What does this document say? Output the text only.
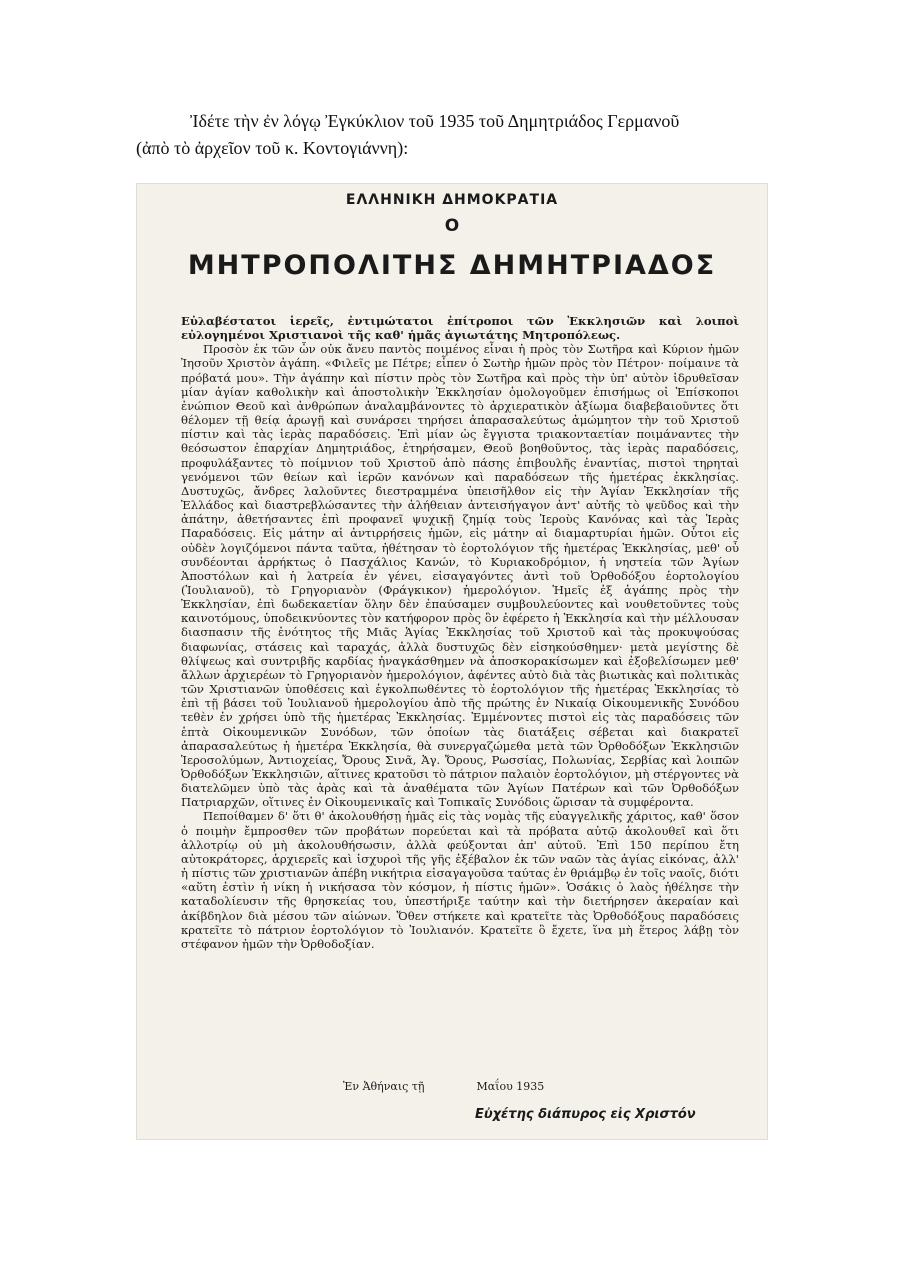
Ἰδέτε τὴν ἐν λόγῳ Ἐγκύκλιον τοῦ 1935 τοῦ Δημητριάδος Γερμανοῦ
(ἀπὸ τὸ ἀρχεῖον τοῦ κ. Κοντογιάννη):
ΕΛΛΗΝΙΚΗ ΔΗΜΟΚΡΑΤΙΑ
Ο
ΜΗΤΡΟΠΟΛΙΤΗΣ ΔΗΜΗΤΡΙΑΔΟΣ

Εὐλαβέστατοι ἱερεῖς, ἐντιμώτατοι ἐπίτροποι τῶν Ἐκκλησιῶν καὶ λοιποὶ εὐλογημένοι Χριστιανοὶ τῆς καθ' ἡμᾶς ἁγιωτάτης Μητροπόλεως.

Προσὸν ἐκ τῶν ὧν οὐκ ἄνευ παντὸς ποιμένος εἶναι ἡ πρὸς τὸν Σωτῆρα καὶ Κύριον ἡμῶν Ἰησοῦν Χριστὸν ἀγάπη. «Φιλεῖς με Πέτρε; εἶπεν ὁ Σωτὴρ ἡμῶν πρὸς τὸν Πέτρον· ποίμαινε τὰ πρόβατά μου». Τὴν ἀγάπην καὶ πίστιν πρὸς τὸν Σωτῆρα καὶ πρὸς τὴν ὑπ' αὐτὸν ἱδρυθεῖσαν μίαν ἁγίαν καθολικὴν καὶ ἀποστολικὴν Ἐκκλησίαν ὁμολογοῦμεν ἐπισήμως οἱ Ἐπίσκοποι ἐνώπιον Θεοῦ καὶ ἀνθρώπων ἀναλαμβάνοντες τὸ ἀρχιερατικὸν ἀξίωμα διαβεβαιοῦντες ὅτι θέλομεν τῇ θείᾳ ἀρωγῇ καὶ συνάρσει τηρήσει ἀπαρασαλεύτως ἀμώμητον τὴν τοῦ Χριστοῦ πίστιν καὶ τὰς ἱερὰς παραδόσεις. Ἐπὶ μίαν ὡς ἔγγιστα τριακονταετίαν ποιμάναντες τὴν θεόσωστον ἐπαρχίαν Δημητριάδος, ἐτηρήσαμεν, Θεοῦ βοηθοῦντος, τὰς ἱερὰς παραδόσεις, προφυλάξαντες τὸ ποίμνιον τοῦ Χριστοῦ ἀπὸ πάσης ἐπιβουλῆς ἐναντίας, πιστοὶ τηρηταὶ γενόμενοι τῶν θείων καὶ ἱερῶν κανόνων καὶ παραδόσεων τῆς ἡμετέρας ἐκκλησίας. Δυστυχῶς, ἄνδρες λαλοῦντες διεστραμμένα ὑπεισῆλθον εἰς τὴν Ἁγίαν Ἐκκλησίαν τῆς Ἑλλάδος καὶ διαστρεβλώσαντες τὴν ἀλήθειαν ἀντεισήγαγον ἀντ' αὐτῆς τὸ ψεῦδος καὶ τὴν ἀπάτην, ἀθετήσαντες ἐπὶ προφανεῖ ψυχικῇ ζημίᾳ τοὺς Ἱεροὺς Κανόνας καὶ τὰς Ἱερὰς Παραδόσεις. Εἰς μάτην αἱ ἀντιρρήσεις ἡμῶν, εἰς μάτην αἱ διαμαρτυρίαι ἡμῶν. Οὗτοι εἰς οὐδὲν λογιζόμενοι πάντα ταῦτα, ἠθέτησαν τὸ ἑορτολόγιον τῆς ἡμετέρας Ἐκκλησίας, μεθ' οὗ συνδέονται ἀρρήκτως ὁ Πασχάλιος Κανών, τὸ Κυριακοδρόμιον, ἡ νηστεία τῶν Ἁγίων Ἀποστόλων καὶ ἡ λατρεία ἐν γένει, εἰσαγαγόντες ἀντὶ τοῦ Ὀρθοδόξου ἑορτολογίου (Ἰουλιανοῦ), τὸ Γρηγοριανὸν (Φράγκικον) ἡμερολόγιον. Ἡμεῖς ἐξ ἀγάπης πρὸς τὴν Ἐκκλησίαν, ἐπὶ δωδεκαετίαν ὅλην δὲν ἐπαύσαμεν συμβουλεύοντες καὶ νουθετοῦντες τοὺς καινοτόμους, ὑποδεικνύοντες τὸν κατήφορον πρὸς ὃν ἐφέρετο ἡ Ἐκκλησία καὶ τὴν μέλλουσαν διασπασιν τῆς ἑνότητος τῆς Μιᾶς Ἁγίας Ἐκκλησίας τοῦ Χριστοῦ καὶ τὰς προκυψούσας διαφωνίας, στάσεις καὶ ταραχάς, ἀλλὰ δυστυχῶς δὲν εἰσηκούσθημεν· μετὰ μεγίστης δὲ θλίψεως καὶ συντριβῆς καρδίας ἠναγκάσθημεν νὰ ἀποσκορακίσωμεν καὶ ἐξοβελίσωμεν μεθ' ἄλλων ἀρχιερέων τὸ Γρηγοριανὸν ἡμερολόγιον, ἀφέντες αὐτὸ διὰ τὰς βιωτικὰς καὶ πολιτικὰς τῶν Χριστιανῶν ὑποθέσεις καὶ ἐγκολπωθέντες τὸ ἑορτολόγιον τῆς ἡμετέρας Ἐκκλησίας τὸ ἐπὶ τῇ βάσει τοῦ Ἰουλιανοῦ ἡμερολογίου ἀπὸ τῆς πρώτης ἐν Νικαίᾳ Οἰκουμενικῆς Συνόδου τεθὲν ἐν χρήσει ὑπὸ τῆς ἡμετέρας Ἐκκλησίας. Ἐμμένοντες πιστοὶ εἰς τὰς παραδόσεις τῶν ἑπτὰ Οἰκουμενικῶν Συνόδων, τῶν ὁποίων τὰς διατάξεις σέβεται καὶ διακρατεῖ ἀπαρασαλεύτως ἡ ἡμετέρα Ἐκκλησία, θὰ συνεργαζώμεθα μετὰ τῶν Ὀρθοδόξων Ἐκκλησιῶν Ἱεροσολύμων, Ἀντιοχείας, Ὄρους Σινᾶ, Ἁγ. Ὄρους, Ρωσσίας, Πολωνίας, Σερβίας καὶ λοιπῶν Ὀρθοδόξων Ἐκκλησιῶν, αἵτινες κρατοῦσι τὸ πάτριον παλαιὸν ἑορτολόγιον, μὴ στέργοντες νὰ διατελῶμεν ὑπὸ τὰς ἀρὰς καὶ τὰ ἀναθέματα τῶν Ἁγίων Πατέρων καὶ τῶν Ὀρθοδόξων Πατριαρχῶν, οἵτινες ἐν Οἰκουμενικαῖς καὶ Τοπικαῖς Συνόδοις ὥρισαν τὰ συμφέροντα.

Πεποίθαμεν δ' ὅτι θ' ἀκολουθήσῃ ἡμᾶς εἰς τὰς νομὰς τῆς εὐαγγελικῆς χάριτος, καθ' ὅσον ὁ ποιμὴν ἔμπροσθεν τῶν προβάτων πορεύεται καὶ τὰ πρόβατα αὐτῷ ἀκολουθεῖ καὶ ὅτι ἀλλοτρίῳ οὐ μὴ ἀκολουθήσωσιν, ἀλλὰ φεύξονται ἀπ' αὐτοῦ. Ἐπὶ 150 περίπου ἔτη αὐτοκράτορες, ἀρχιερεῖς καὶ ἰσχυροὶ τῆς γῆς ἐξέβαλον ἐκ τῶν ναῶν τὰς ἁγίας εἰκόνας, ἀλλ' ἡ πίστις τῶν χριστιανῶν ἀπέβη νικήτρια εἰσαγαγοῦσα ταύτας ἐν θριάμβῳ ἐν τοῖς ναοῖς, διότι «αὕτη ἐστὶν ἡ νίκη ἡ νικήσασα τὸν κόσμον, ἡ πίστις ἡμῶν». Ὁσάκις ὁ λαὸς ἠθέλησε τὴν καταδολίευσιν τῆς θρησκείας του, ὑπεστήριξε ταύτην καὶ τὴν διετήρησεν ἀκεραίαν καὶ ἀκίβδηλον διὰ μέσου τῶν αἰώνων. Ὅθεν στήκετε καὶ κρατεῖτε τὰς Ὀρθοδόξους παραδόσεις κρατεῖτε τὸ πάτριον ἑορτολόγιον τὸ Ἰουλιανόν. Κρατεῖτε ὃ ἔχετε, ἵνα μὴ ἕτερος λάβῃ τὸν στέφανον ἡμῶν τὴν Ὀρθοδοξίαν.

Ἐν Ἀθήναις τῇ	Μαΐου 1935
Εὐχέτης διάπυρος εἰς Χριστόν
